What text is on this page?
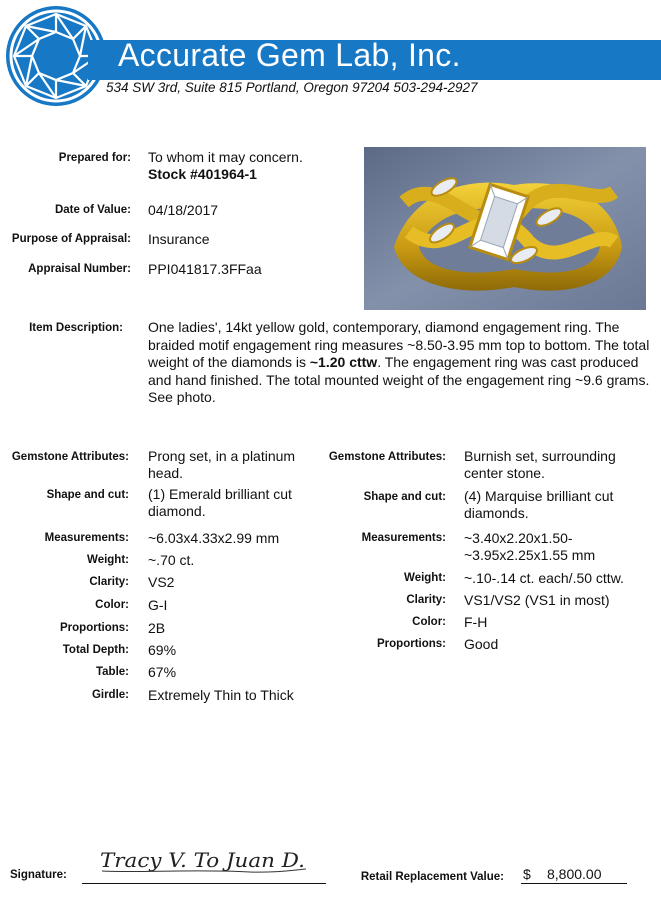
Accurate Gem Lab, Inc.
534 SW 3rd, Suite 815 Portland, Oregon 97204 503-294-2927
Prepared for: To whom it may concern.
Stock #401964-1
Date of Value: 04/18/2017
Purpose of Appraisal: Insurance
Appraisal Number: PPI041817.3FFaa
Item Description: One ladies', 14kt yellow gold, contemporary, diamond engagement ring. The braided motif engagement ring measures ~8.50-3.95 mm top to bottom. The total weight of the diamonds is ~1.20 cttw. The engagement ring was cast produced and hand finished. The total mounted weight of the engagement ring ~9.6 grams. See photo.
Gemstone Attributes: Prong set, in a platinum head.
Shape and cut: (1) Emerald brilliant cut diamond.
Measurements: ~6.03x4.33x2.99 mm
Weight: ~.70 ct.
Clarity: VS2
Color: G-I
Proportions: 2B
Total Depth: 69%
Table: 67%
Girdle: Extremely Thin to Thick
Gemstone Attributes: Burnish set, surrounding center stone.
Shape and cut: (4) Marquise brilliant cut diamonds.
Measurements: ~3.40x2.20x1.50-~3.95x2.25x1.55 mm
Weight: ~.10-.14 ct. each/.50 cttw.
Clarity: VS1/VS2 (VS1 in most)
Color: F-H
Proportions: Good
Signature:
Tracy V. To Juan D.
Retail Replacement Value: $ 8,800.00
